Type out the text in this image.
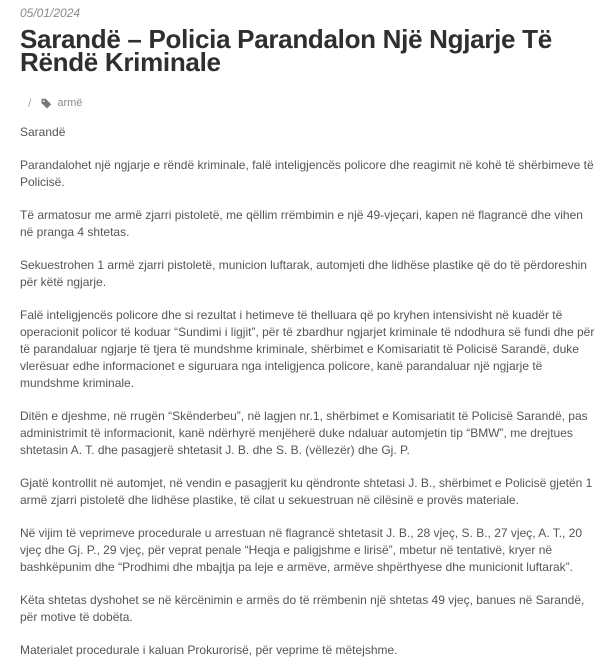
05/01/2024
Sarandë – Policia Parandalon Një Ngjarje Të Rëndë Kriminale
/ armë

Sarandë

Parandalohet një ngjarje e rëndë kriminale, falë inteligjencës policore dhe reagimit në kohë të shërbimeve të Policisë.

Të armatosur me armë zjarri pistoletë, me qëllim rrëmbimin e një 49-vjeçari, kapen në flagrancë dhe vihen në pranga 4 shtetas.

Sekuestrohen 1 armë zjarri pistoletë, municion luftarak, automjeti dhe lidhëse plastike që do të përdoreshin për këtë ngjarje.

Falë inteligjencës policore dhe si rezultat i hetimeve të thelluara që po kryhen intensivisht në kuadër të operacionit policor të koduar “Sundimi i ligjit”, për të zbardhur ngjarjet kriminale të ndodhura së fundi dhe për të parandaluar ngjarje të tjera të mundshme kriminale, shërbimet e Komisariatit të Policisë Sarandë, duke vlerësuar edhe informacionet e siguruara nga inteligjenca policore, kanë parandaluar një ngjarje të mundshme kriminale.

Ditën e djeshme, në rrugën “Skënderbeu”, në lagjen nr.1, shërbimet e Komisariatit të Policisë Sarandë, pas administrimit të informacionit, kanë ndërhyrë menjëherë duke ndaluar automjetin tip “BMW”, me drejtues shtetasin A. T. dhe pasagjerë shtetasit J. B. dhe S. B. (vëllezër) dhe Gj. P.

Gjatë kontrollit në automjet, në vendin e pasagjerit ku qëndronte shtetasi J. B., shërbimet e Policisë gjetën 1 armë zjarri pistoletë dhe lidhëse plastike, të cilat u sekuestruan në cilësinë e provës materiale.

Në vijim të veprimeve procedurale u arrestuan në flagrancë shtetasit J. B., 28 vjeç, S. B., 27 vjeç, A. T., 20 vjeç dhe Gj. P., 29 vjeç, për veprat penale “Heqja e paligjshme e lirisë”, mbetur në tentativë, kryer në bashkëpunim dhe “Prodhimi dhe mbajtja pa leje e armëve, armëve shpërthyese dhe municionit luftarak”.

Këta shtetas dyshohet se në kërcënimin e armës do të rrëmbenin një shtetas 49 vjeç, banues në Sarandë, për motive të dobëta.

Materialet procedurale i kaluan Prokurorisë, për veprime të mëtejshme.
